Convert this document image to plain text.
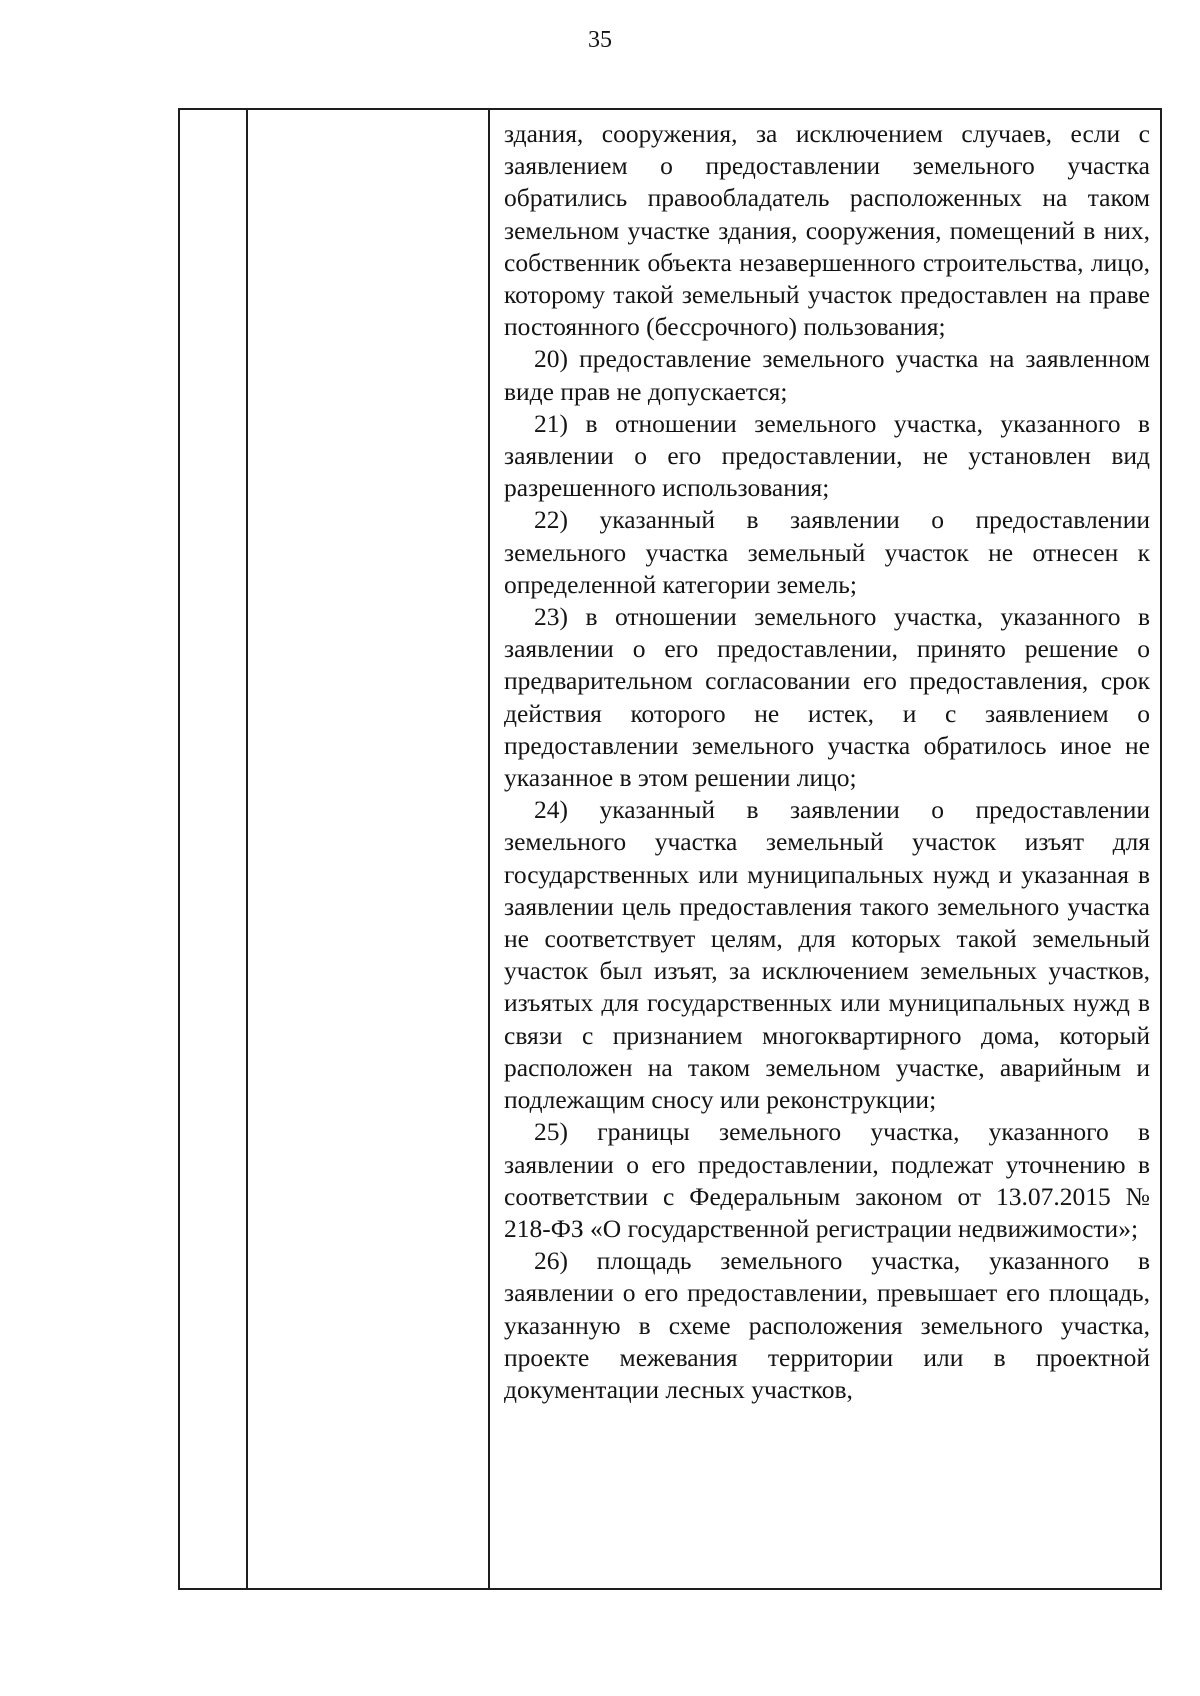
35

здания, сооружения, за исключением случаев, если с заявлением о предоставлении земельного участка обратились правообладатель расположенных на таком земельном участке здания, сооружения, помещений в них, собственник объекта незавершенного строительства, лицо, которому такой земельный участок предоставлен на праве постоянного (бессрочного) пользования;

20) предоставление земельного участка на заявленном виде прав не допускается;

21) в отношении земельного участка, указанного в заявлении о его предоставлении, не установлен вид разрешенного использования;

22) указанный в заявлении о предоставлении земельного участка земельный участок не отнесен к определенной категории земель;

23) в отношении земельного участка, указанного в заявлении о его предоставлении, принято решение о предварительном согласовании его предоставления, срок действия которого не истек, и с заявлением о предоставлении земельного участка обратилось иное не указанное в этом решении лицо;

24) указанный в заявлении о предоставлении земельного участка земельный участок изъят для государственных или муниципальных нужд и указанная в заявлении цель предоставления такого земельного участка не соответствует целям, для которых такой земельный участок был изъят, за исключением земельных участков, изъятых для государственных или муниципальных нужд в связи с признанием многоквартирного дома, который расположен на таком земельном участке, аварийным и подлежащим сносу или реконструкции;

25) границы земельного участка, указанного в заявлении о его предоставлении, подлежат уточнению в соответствии с Федеральным законом от 13.07.2015 № 218-ФЗ «О государственной регистрации недвижимости»;

26) площадь земельного участка, указанного в заявлении о его предоставлении, превышает его площадь, указанную в схеме расположения земельного участка, проекте межевания территории или в проектной документации лесных участков,
